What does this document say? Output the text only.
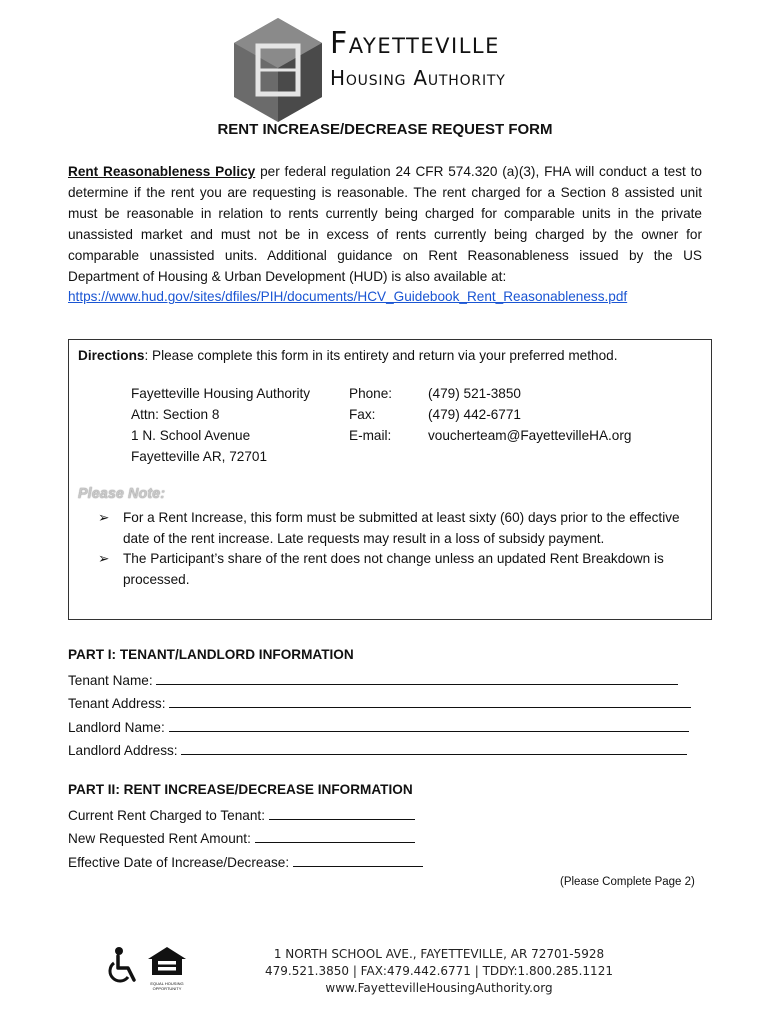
Fayetteville
Housing Authority
RENT INCREASE/DECREASE REQUEST FORM
Rent Reasonableness Policy per federal regulation 24 CFR 574.320 (a)(3), FHA will conduct a test to determine if the rent you are requesting is reasonable. The rent charged for a Section 8 assisted unit must be reasonable in relation to rents currently being charged for comparable units in the private unassisted market and must not be in excess of rents currently being charged by the owner for comparable unassisted units. Additional guidance on Rent Reasonableness issued by the US Department of Housing & Urban Development (HUD) is also available at:
https://www.hud.gov/sites/dfiles/PIH/documents/HCV_Guidebook_Rent_Reasonableness.pdf
Directions: Please complete this form in its entirety and return via your preferred method.
Fayetteville Housing Authority
Attn: Section 8
1 N. School Avenue
Fayetteville AR, 72701
Phone:
Fax:
E-mail:
(479) 521-3850
(479) 442-6771
voucherteam@FayettevilleHA.org
Please Note:
➢ For a Rent Increase, this form must be submitted at least sixty (60) days prior to the effective date of the rent increase. Late requests may result in a loss of subsidy payment.
➢ The Participant’s share of the rent does not change unless an updated Rent Breakdown is processed.
PART I: TENANT/LANDLORD INFORMATION
Tenant Name:
Tenant Address:
Landlord Name:
Landlord Address:
PART II: RENT INCREASE/DECREASE INFORMATION
Current Rent Charged to Tenant:
New Requested Rent Amount:
Effective Date of Increase/Decrease:
(Please Complete Page 2)
EQUAL HOUSING OPPORTUNITY
1 NORTH SCHOOL AVE., FAYETTEVILLE, AR 72701-5928
479.521.3850 | FAX:479.442.6771 | TDDY:1.800.285.1121
www.FayettevilleHousingAuthority.org
